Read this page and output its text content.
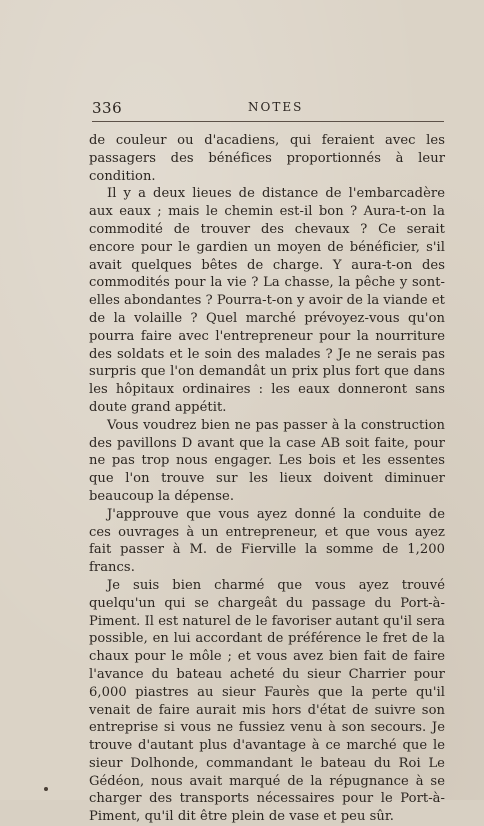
336	NOTES

de couleur ou d'acadiens, qui feraient avec les passagers des bénéfices proportionnés à leur condition.

Il y a deux lieues de distance de l'embarcadère aux eaux ; mais le chemin est-il bon ? Aura-t-on la commodité de trouver des chevaux ? Ce serait encore pour le gardien un moyen de bénéficier, s'il avait quelques bêtes de charge. Y aura-t-on des commodités pour la vie ? La chasse, la pêche y sont-elles abondantes ? Pourra-t-on y avoir de la viande et de la volaille ? Quel marché prévoyez-vous qu'on pourra faire avec l'entrepreneur pour la nourriture des soldats et le soin des malades ? Je ne serais pas surpris que l'on demandât un prix plus fort que dans les hôpitaux ordinaires : les eaux donneront sans doute grand appétit.

Vous voudrez bien ne pas passer à la construction des pavillons D avant que la case AB soit faite, pour ne pas trop nous engager. Les bois et les essentes que l'on trouve sur les lieux doivent diminuer beaucoup la dépense.

J'approuve que vous ayez donné la conduite de ces ouvrages à un entrepreneur, et que vous ayez fait passer à M. de Fierville la somme de 1,200 francs.

Je suis bien charmé que vous ayez trouvé quelqu'un qui se chargeât du passage du Port-à-Piment. Il est naturel de le favoriser autant qu'il sera possible, en lui accordant de préférence le fret de la chaux pour le môle ; et vous avez bien fait de faire l'avance du bateau acheté du sieur Charrier pour 6,000 piastres au sieur Faurès que la perte qu'il venait de faire aurait mis hors d'état de suivre son entreprise si vous ne fussiez venu à son secours. Je trouve d'autant plus d'avantage à ce marché que le sieur Dolhonde, commandant le bateau du Roi Le Gédéon, nous avait marqué de la répugnance à se charger des transports nécessaires pour le Port-à-Piment, qu'il dit être plein de vase et peu sûr.
